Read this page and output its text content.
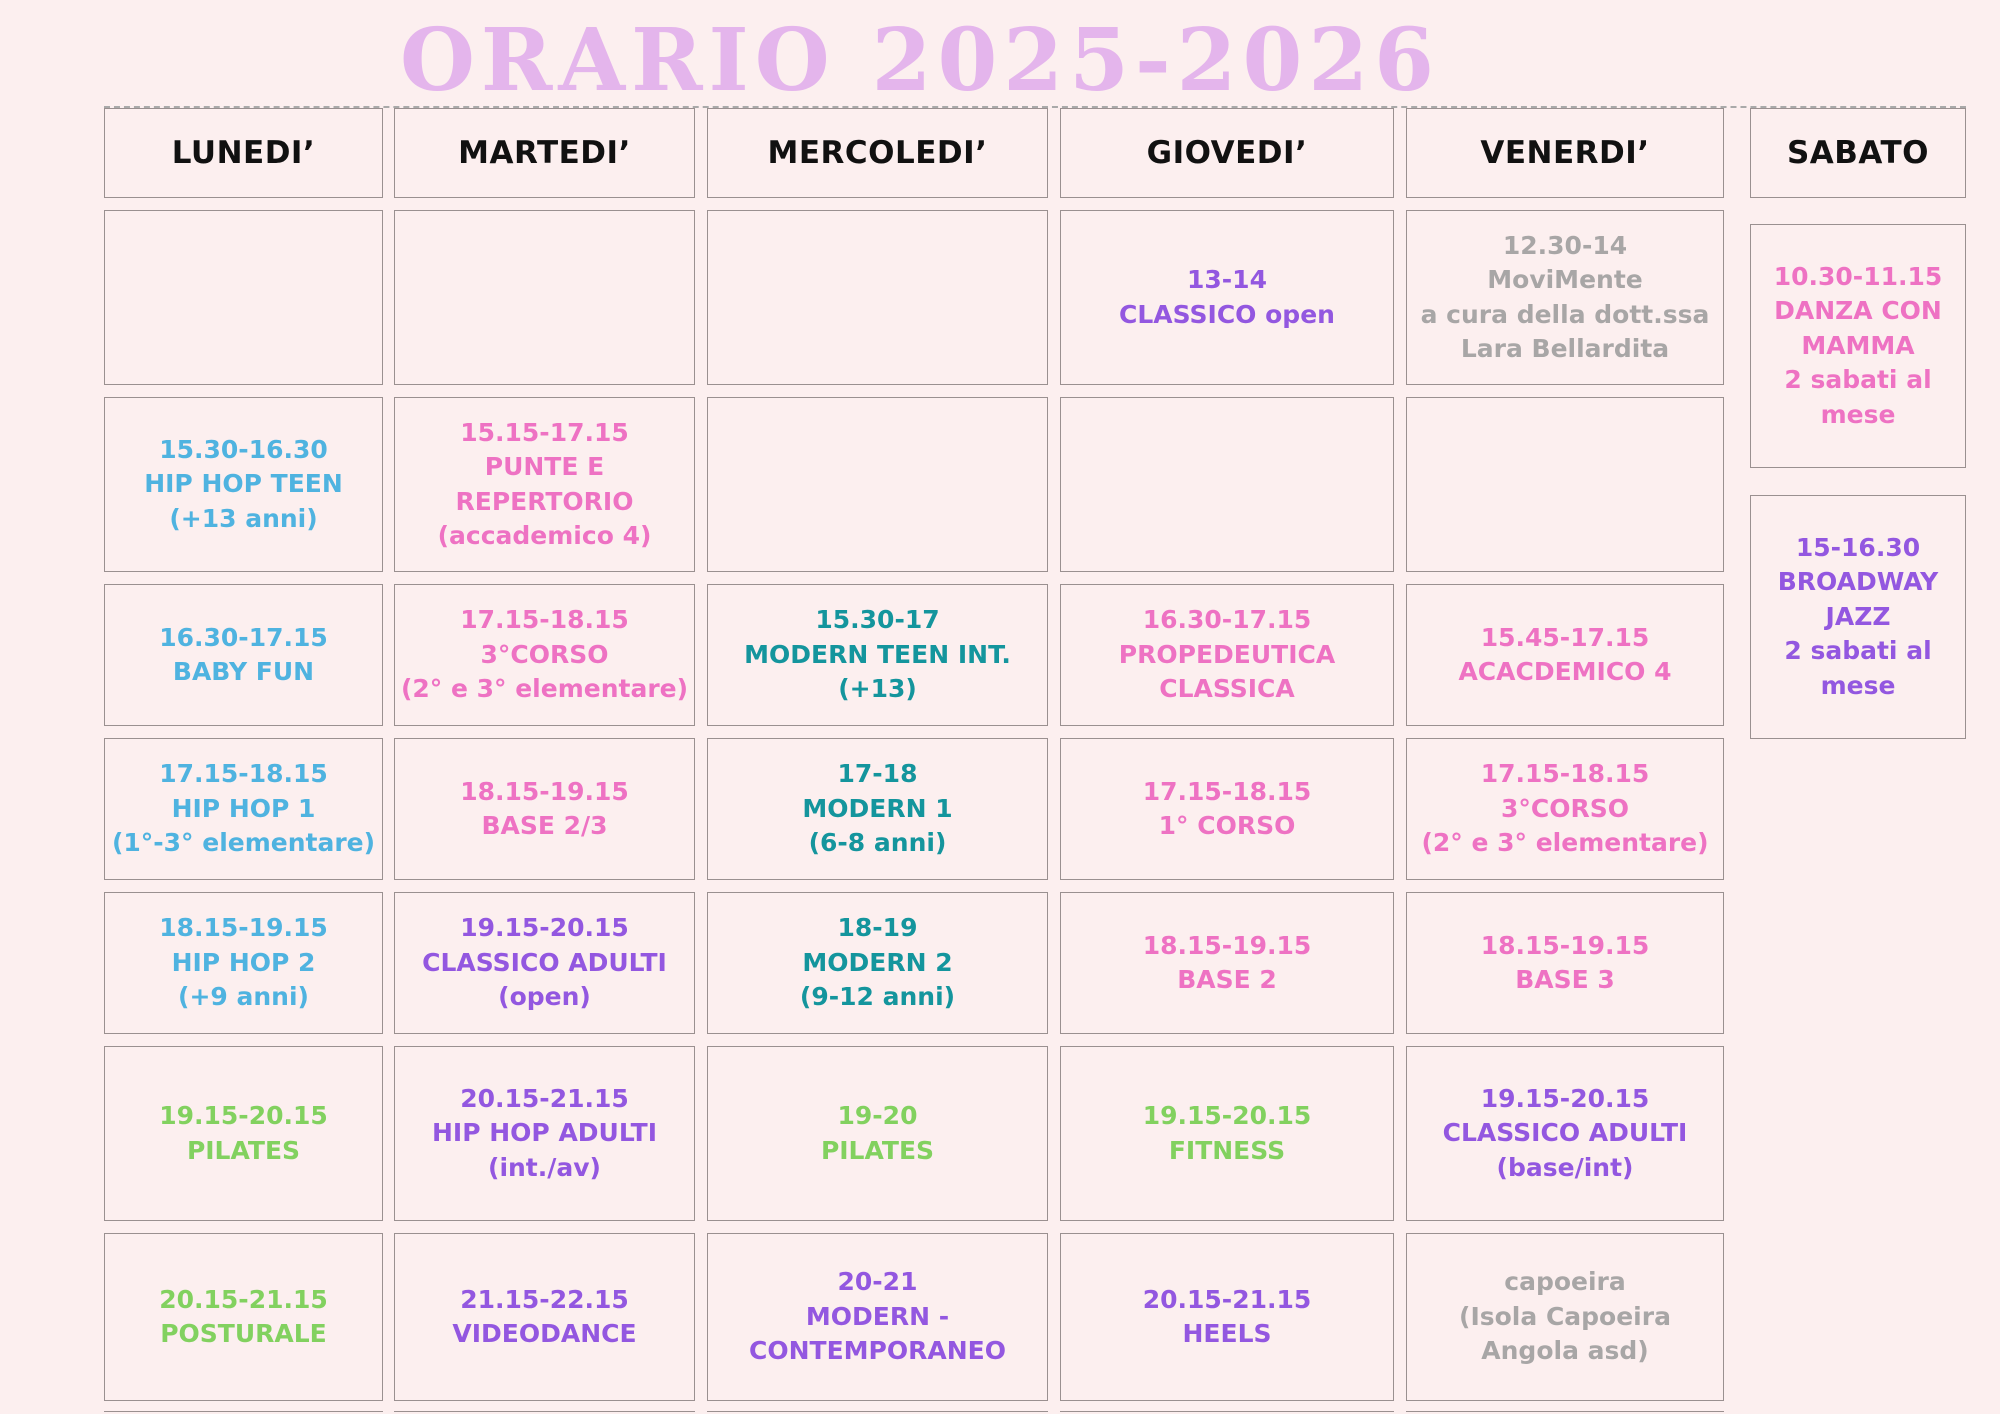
ORARIO 2025-2026
LUNEDI’
15.30-16.30
HIP HOP TEEN
(+13 anni)
16.30-17.15
BABY FUN
17.15-18.15
HIP HOP 1
(1°-3° elementare)
18.15-19.15
HIP HOP 2
(+9 anni)
19.15-20.15
PILATES
20.15-21.15
POSTURALE
MARTEDI’
15.15-17.15
PUNTE E
REPERTORIO
(accademico 4)
17.15-18.15
3°CORSO
(2° e 3° elementare)
18.15-19.15
BASE 2/3
19.15-20.15
CLASSICO ADULTI
(open)
20.15-21.15
HIP HOP ADULTI
(int./av)
21.15-22.15
VIDEODANCE
MERCOLEDI’
15.30-17
MODERN TEEN INT.
(+13)
17-18
MODERN 1
(6-8 anni)
18-19
MODERN 2
(9-12 anni)
19-20
PILATES
20-21
MODERN -
CONTEMPORANEO
GIOVEDI’
13-14
CLASSICO open
16.30-17.15
PROPEDEUTICA
CLASSICA
17.15-18.15
1° CORSO
18.15-19.15
BASE 2
19.15-20.15
FITNESS
20.15-21.15
HEELS
VENERDI’
12.30-14
MoviMente
a cura della dott.ssa
Lara Bellardita
15.45-17.15
ACACDEMICO 4
17.15-18.15
3°CORSO
(2° e 3° elementare)
18.15-19.15
BASE 3
19.15-20.15
CLASSICO ADULTI
(base/int)
capoeira
(Isola Capoeira
Angola asd)
SABATO
10.30-11.15
DANZA CON
MAMMA
2 sabati al
mese
15-16.30
BROADWAY
JAZZ
2 sabati al
mese
